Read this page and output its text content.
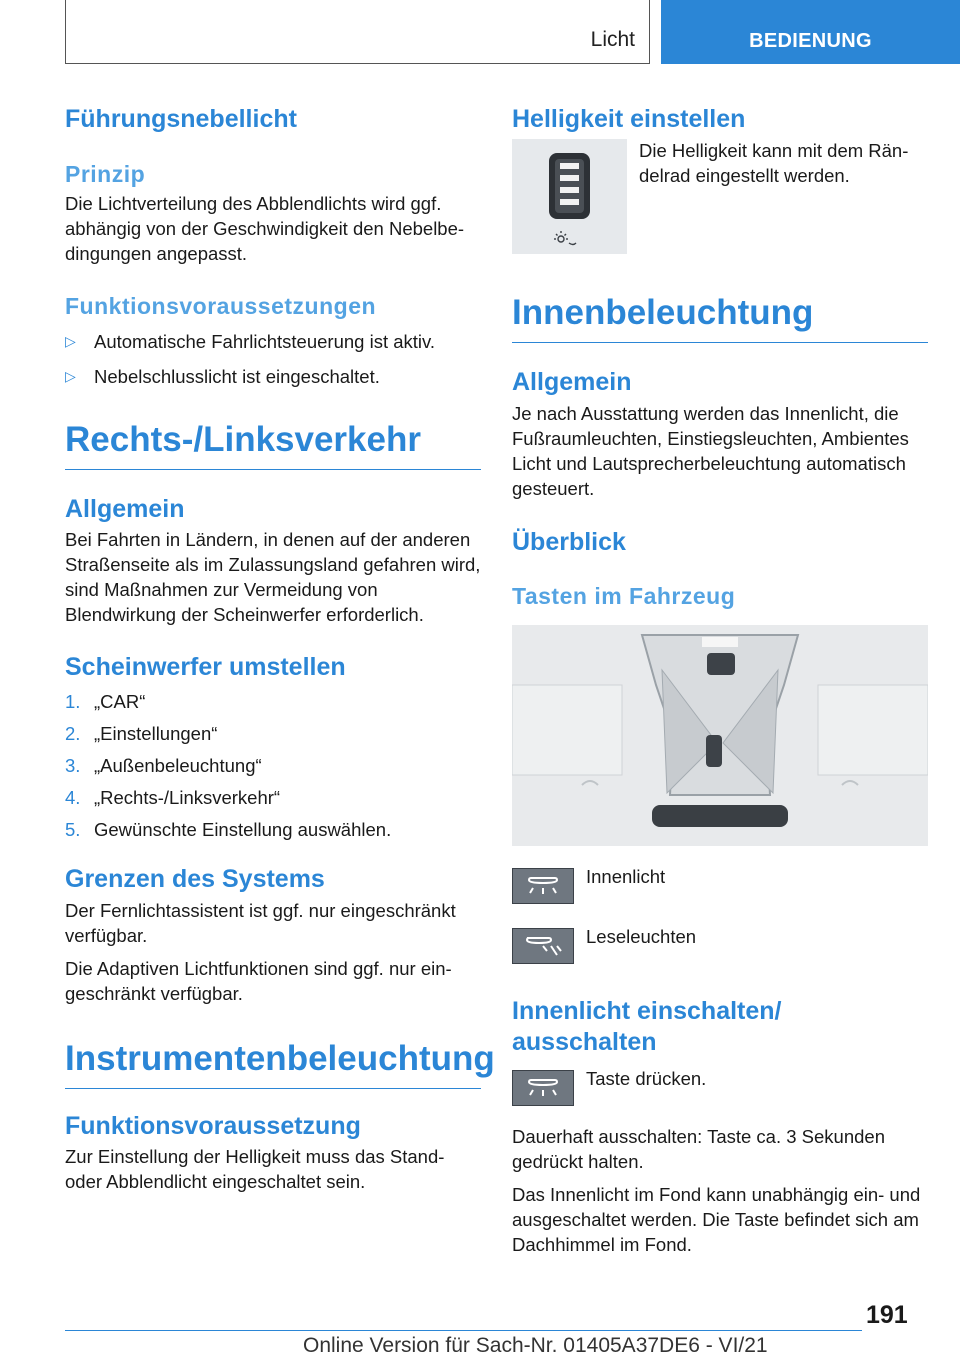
Licht	BEDIENUNG
Führungsnebellicht
Prinzip

Die Lichtverteilung des Abblendlichts wird ggf. abhängig von der Geschwindigkeit den Nebelbe‐ dingungen angepasst.

Funktionsvoraussetzungen
▷ Automatische Fahrlichtsteuerung ist aktiv.
▷ Nebelschlusslicht ist eingeschaltet.
Rechts-/Linksverkehr
Allgemein

Bei Fahrten in Ländern, in denen auf der anderen Straßenseite als im Zulassungsland gefahren wird, sind Maßnahmen zur Vermeidung von Blendwirkung der Scheinwerfer erforderlich.

Scheinwerfer umstellen
1. „CAR“
2. „Einstellungen“
3. „Außenbeleuchtung“
4. „Rechts-/Linksverkehr“
5. Gewünschte Einstellung auswählen.
Grenzen des Systems

Der Fernlichtassistent ist ggf. nur eingeschränkt verfügbar.

Die Adaptiven Lichtfunktionen sind ggf. nur ein‐ geschränkt verfügbar.

Instrumentenbeleuchtung
Funktionsvoraussetzung

Zur Einstellung der Helligkeit muss das Stand‐ oder Abblendlicht eingeschaltet sein.

Helligkeit einstellen

Die Helligkeit kann mit dem Rän‐ delrad eingestellt werden.

Innenbeleuchtung
Allgemein

Je nach Ausstattung werden das Innenlicht, die Fußraumleuchten, Einstiegsleuchten, Ambientes Licht und Lautsprecherbeleuchtung automatisch gesteuert.

Überblick
Tasten im Fahrzeug

Innenlicht

Leseleuchten

Innenlicht einschalten/ ausschalten

Taste drücken.

Dauerhaft ausschalten: Taste ca. 3 Sekunden gedrückt halten.

Das Innenlicht im Fond kann unabhängig ein‐ und ausgeschaltet werden. Die Taste befindet sich am Dachhimmel im Fond.

191
Online Version für Sach-Nr. 01405A37DE6 - VI/21
